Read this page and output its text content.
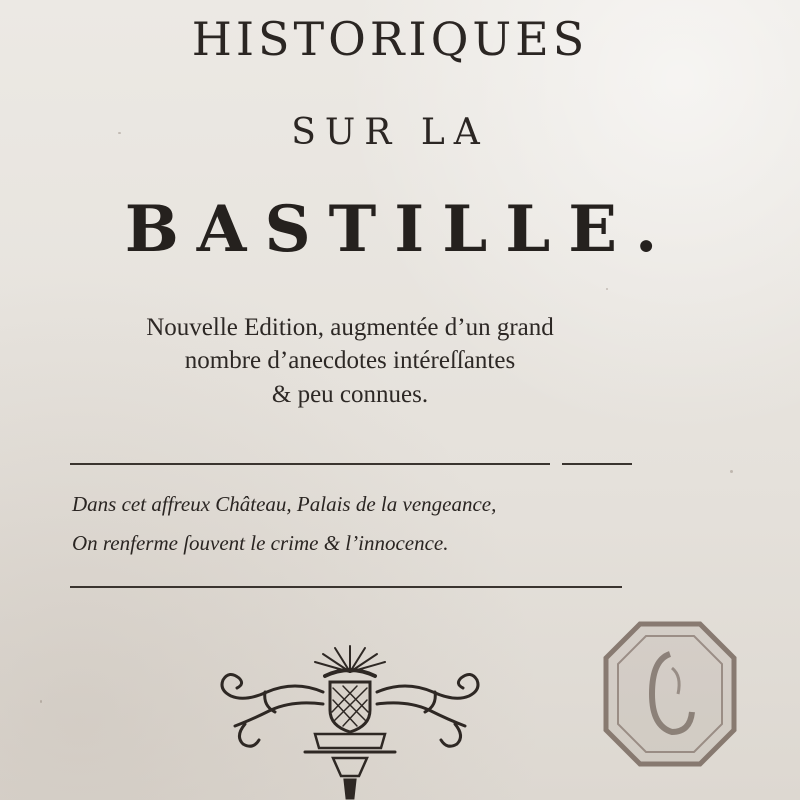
HISTORIQUES
SUR LA
BASTILLE.
Nouvelle Edition, augmentée d’un grand
nombre d’anecdotes intéreſſantes
& peu connues.
Dans cet affreux Château, Palais de la vengeance,
On renferme ſouvent le crime & l’innocence.
